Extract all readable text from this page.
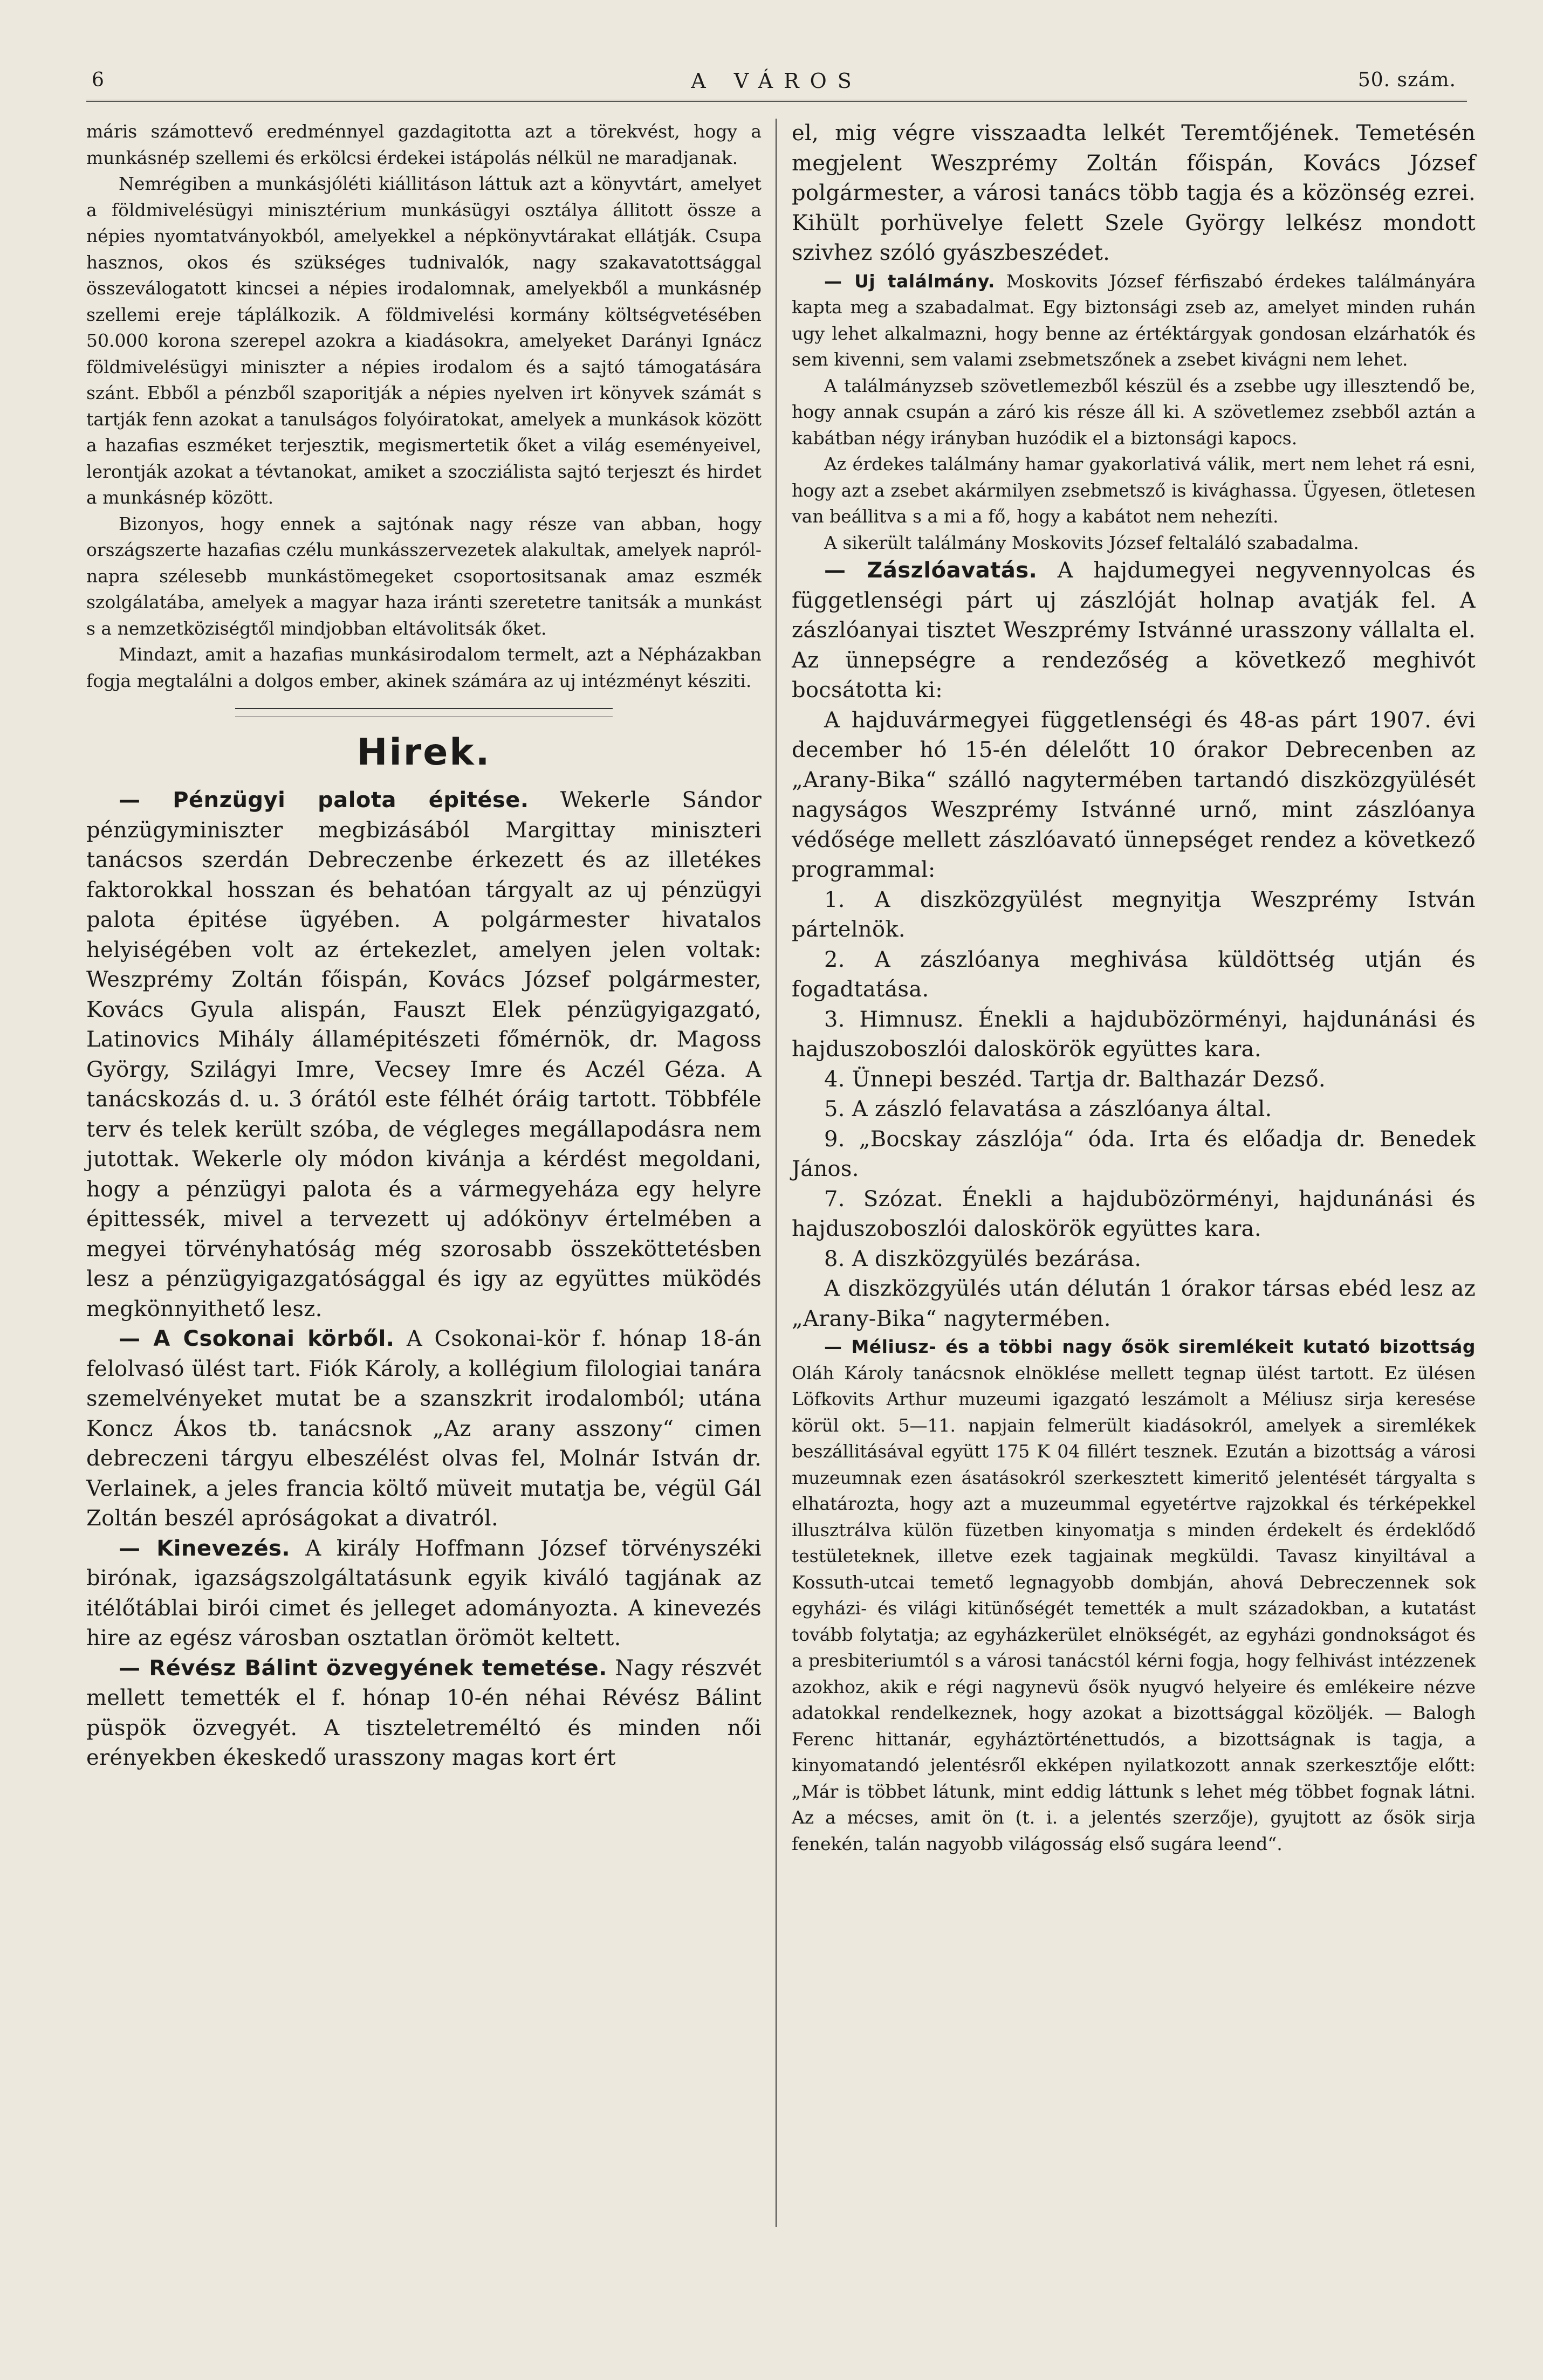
6	A VÁROS	50. szám.

máris számottevő eredménnyel gazdagitotta azt a törekvést, hogy a munkásnép szellemi és erkölcsi érdekei istápolás nélkül ne maradjanak.

Nemrégiben a munkásjóléti kiállitáson láttuk azt a könyvtárt, amelyet a földmivelésügyi minisztérium munkásügyi osztálya állitott össze a népies nyomtatványokból, amelyekkel a népkönyvtárakat ellátják. Csupa hasznos, okos és szükséges tudnivalók, nagy szakavatottsággal összeválogatott kincsei a népies irodalomnak, amelyekből a munkásnép szellemi ereje táplálkozik. A földmivelési kormány költségvetésében 50.000 korona szerepel azokra a kiadásokra, amelyeket Darányi Ignácz földmivelésügyi miniszter a népies irodalom és a sajtó támogatására szánt. Ebből a pénzből szaporitják a népies nyelven irt könyvek számát s tartják fenn azokat a tanulságos folyóiratokat, amelyek a munkások között a hazafias eszméket terjesztik, megismertetik őket a világ eseményeivel, lerontják azokat a tévtanokat, amiket a szocziálista sajtó terjeszt és hirdet a munkásnép között.

Bizonyos, hogy ennek a sajtónak nagy része van abban, hogy országszerte hazafias czélu munkásszervezetek alakultak, amelyek napról-napra szélesebb munkástömegeket csoportositsanak amaz eszmék szolgálatába, amelyek a magyar haza iránti szeretetre tanitsák a munkást s a nemzetköziségtől mindjobban eltávolitsák őket.

Mindazt, amit a hazafias munkásirodalom termelt, azt a Népházakban fogja megtalálni a dolgos ember, akinek számára az uj intézményt késziti.

Hirek.

— Pénzügyi palota épitése. Wekerle Sándor pénzügyminiszter megbizásából Margittay miniszteri tanácsos szerdán Debreczenbe érkezett és az illetékes faktorokkal hosszan és behatóan tárgyalt az uj pénzügyi palota épitése ügyében. A polgármester hivatalos helyiségében volt az értekezlet, amelyen jelen voltak: Weszprémy Zoltán főispán, Kovács József polgármester, Kovács Gyula alispán, Fauszt Elek pénzügyigazgató, Latinovics Mihály államépitészeti főmérnök, dr. Magoss György, Szilágyi Imre, Vecsey Imre és Aczél Géza. A tanácskozás d. u. 3 órától este félhét óráig tartott. Többféle terv és telek került szóba, de végleges megállapodásra nem jutottak. Wekerle oly módon kivánja a kérdést megoldani, hogy a pénzügyi palota és a vármegyeháza egy helyre épittessék, mivel a tervezett uj adókönyv értelmében a megyei törvényhatóság még szorosabb összeköttetésben lesz a pénzügyigazgatósággal és igy az együttes müködés megkönnyithető lesz.

— A Csokonai körből. A Csokonai-kör f. hónap 18-án felolvasó ülést tart. Fiók Károly, a kollégium filologiai tanára szemelvényeket mutat be a szanszkrit irodalomból; utána Koncz Ákos tb. tanácsnok „Az arany asszony“ cimen debreczeni tárgyu elbeszélést olvas fel, Molnár István dr. Verlainek, a jeles francia költő müveit mutatja be, végül Gál Zoltán beszél apróságokat a divatról.

— Kinevezés. A király Hoffmann József törvényszéki birónak, igazságszolgáltatásunk egyik kiváló tagjának az itélőtáblai birói cimet és jelleget adományozta. A kinevezés hire az egész városban osztatlan örömöt keltett.

— Révész Bálint özvegyének temetése. Nagy részvét mellett temették el f. hónap 10-én néhai Révész Bálint püspök özvegyét. A tiszteletreméltó és minden női erényekben ékeskedő urasszony magas kort ért

el, mig végre visszaadta lelkét Teremtőjének. Temetésén megjelent Weszprémy Zoltán főispán, Kovács József polgármester, a városi tanács több tagja és a közönség ezrei. Kihült porhüvelye felett Szele György lelkész mondott szivhez szóló gyászbeszédet.

— Uj találmány. Moskovits József férfiszabó érdekes találmányára kapta meg a szabadalmat. Egy biztonsági zseb az, amelyet minden ruhán ugy lehet alkalmazni, hogy benne az értéktárgyak gondosan elzárhatók és sem kivenni, sem valami zsebmetszőnek a zsebet kivágni nem lehet.

A találmányzseb szövetlemezből készül és a zsebbe ugy illesztendő be, hogy annak csupán a záró kis része áll ki. A szövetlemez zsebből aztán a kabátban négy irányban huzódik el a biztonsági kapocs.

Az érdekes találmány hamar gyakorlativá válik, mert nem lehet rá esni, hogy azt a zsebet akármilyen zsebmetsző is kivághassa. Ügyesen, ötletesen van beállitva s a mi a fő, hogy a kabátot nem nehezíti.

A sikerült találmány Moskovits József feltaláló szabadalma.

— Zászlóavatás. A hajdumegyei negyvennyolcas és függetlenségi párt uj zászlóját holnap avatják fel. A zászlóanyai tisztet Weszprémy Istvánné urasszony vállalta el. Az ünnepségre a rendezőség a következő meghivót bocsátotta ki:

A hajduvármegyei függetlenségi és 48-as párt 1907. évi december hó 15-én délelőtt 10 órakor Debrecenben az „Arany-Bika“ szálló nagytermében tartandó diszközgyülését nagyságos Weszprémy Istvánné urnő, mint zászlóanya védősége mellett zászlóavató ünnepséget rendez a következő programmal:

1. A diszközgyülést megnyitja Weszprémy István pártelnök.

2. A zászlóanya meghivása küldöttség utján és fogadtatása.

3. Himnusz. Énekli a hajdubözörményi, hajdunánási és hajduszoboszlói daloskörök együttes kara.

4. Ünnepi beszéd. Tartja dr. Balthazár Dezső.

5. A zászló felavatása a zászlóanya által.

9. „Bocskay zászlója“ óda. Irta és előadja dr. Benedek János.

7. Szózat. Énekli a hajdubözörményi, hajdunánási és hajduszoboszlói daloskörök együttes kara.

8. A diszközgyülés bezárása.

A diszközgyülés után délután 1 órakor társas ebéd lesz az „Arany-Bika“ nagytermében.

— Méliusz- és a többi nagy ősök siremlékeit kutató bizottság Oláh Károly tanácsnok elnöklése mellett tegnap ülést tartott. Ez ülésen Löfkovits Arthur muzeumi igazgató leszámolt a Méliusz sirja keresése körül okt. 5—11. napjain felmerült kiadásokról, amelyek a siremlékek beszállitásával együtt 175 K 04 fillért tesznek. Ezután a bizottság a városi muzeumnak ezen ásatásokról szerkesztett kimeritő jelentését tárgyalta s elhatározta, hogy azt a muzeummal egyetértve rajzokkal és térképekkel illusztrálva külön füzetben kinyomatja s minden érdekelt és érdeklődő testületeknek, illetve ezek tagjainak megküldi. Tavasz kinyiltával a Kossuth-utcai temető legnagyobb dombján, ahová Debreczennek sok egyházi- és világi kitünőségét temették a mult századokban, a kutatást tovább folytatja; az egyházkerület elnökségét, az egyházi gondnokságot és a presbiteriumtól s a városi tanácstól kérni fogja, hogy felhivást intézzenek azokhoz, akik e régi nagynevü ősök nyugvó helyeire és emlékeire nézve adatokkal rendelkeznek, hogy azokat a bizottsággal közöljék. — Balogh Ferenc hittanár, egyháztörténettudós, a bizottságnak is tagja, a kinyomatandó jelentésről ekképen nyilatkozott annak szerkesztője előtt: „Már is többet látunk, mint eddig láttunk s lehet még többet fognak látni. Az a mécses, amit ön (t. i. a jelentés szerzője), gyujtott az ősök sirja fenekén, talán nagyobb világosság első sugára leend“.
